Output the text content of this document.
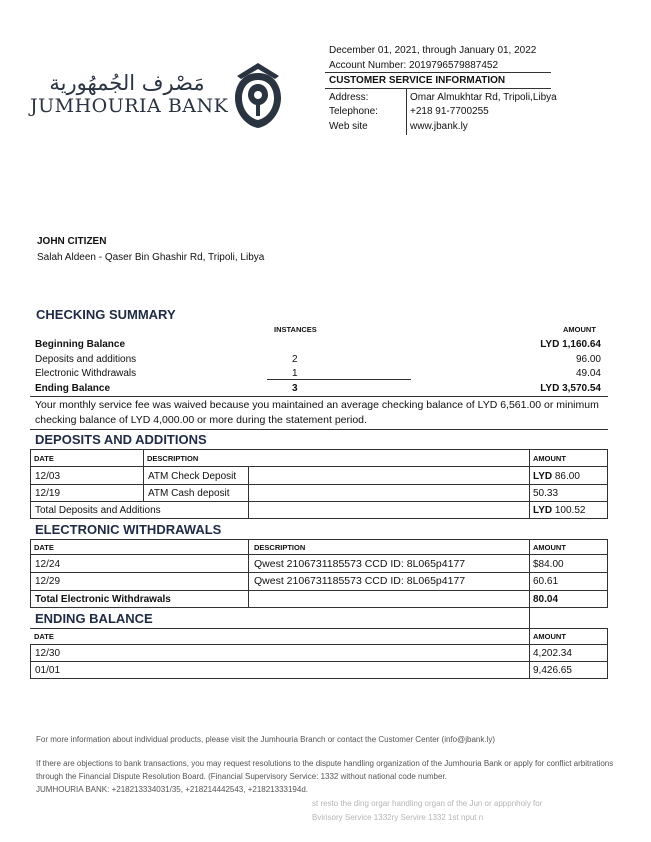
مَصْرف الجُمهُورية
JUMHOURIA BANK
December 01, 2021, through January 01, 2022
Account Number: 2019796579887452
CUSTOMER SERVICE INFORMATION
Address:	Omar Almukhtar Rd, Tripoli,Libya
Telephone:	+218 91-7700255
Web site	www.jbank.ly
JOHN CITIZEN
Salah Aldeen - Qaser Bin Ghashir Rd, Tripoli, Libya
CHECKING SUMMARY
INSTANCES	AMOUNT
Beginning Balance	LYD 1,160.64
Deposits and additions	2	96.00
Electronic Withdrawals	1	49.04
Ending Balance	3	LYD 3,570.54
Your monthly service fee was waived because you maintained an average checking balance of LYD 6,561.00 or minimum checking balance of LYD 4,000.00 or more during the statement period.
DEPOSITS AND ADDITIONS
DATE	DESCRIPTION	AMOUNT
12/03	ATM Check Deposit	LYD 86.00
12/19	ATM Cash deposit	50.33
Total Deposits and Additions	LYD 100.52
ELECTRONIC WITHDRAWALS
DATE	DESCRIPTION	AMOUNT
12/24	Qwest 2106731185573 CCD ID: 8L065p4177	$84.00
12/29	Qwest 2106731185573 CCD ID: 8L065p4177	60.61
Total Electronic Withdrawals	80.04
ENDING BALANCE
DATE	AMOUNT
12/30	4,202.34
01/01	9,426.65
For more information about individual products, please visit the Jumhouria Branch or contact the Customer Center (info@jbank.ly)
If there are objections to bank transactions, you may request resolutions to the dispute handling organization of the Jumhouria Bank or apply for conflict arbitrations through the Financial Dispute Resolution Board. (Financial Supervisory Service: 1332 without national code number.
JUMHOURIA BANK: +218213334031/35, +218214442543, +21821333194d.
st resto the ding orgar handling organ of the Jun or apppnhoiy for
Bvirisory Service 1332ry Servire 1332 1st nput n
